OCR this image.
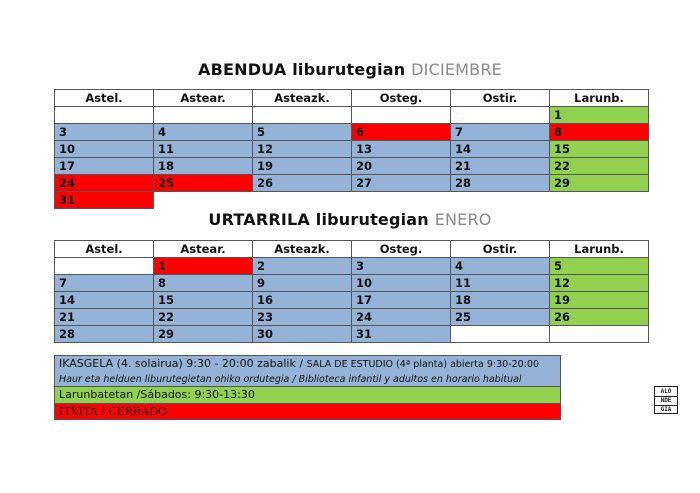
ABENDUA liburutegian DICIEMBRE
Astel.	Astear.	Asteazk.	Osteg.	Ostir.	Larunb.
					1
3	4	5	6	7	8
10	11	12	13	14	15
17	18	19	20	21	22
24	25	26	27	28	29
31					
URTARRILA liburutegian ENERO
Astel.	Astear.	Asteazk.	Osteg.	Ostir.	Larunb.
	1	2	3	4	5
7	8	9	10	11	12
14	15	16	17	18	19
21	22	23	24	25	26
28	29	30	31		
IKASGELA (4. solairua) 9:30 - 20:00 zabalik / SALA DE ESTUDIO (4ª planta) abierta 9:30-20:00
Haur eta helduen liburutegietan ohiko ordutegia / Biblioteca infantil y adultos en horario habitual
Larunbatetan /Sábados: 9:30-13:30
ITXITA / CERRADO
ALO
NDE
GIA
